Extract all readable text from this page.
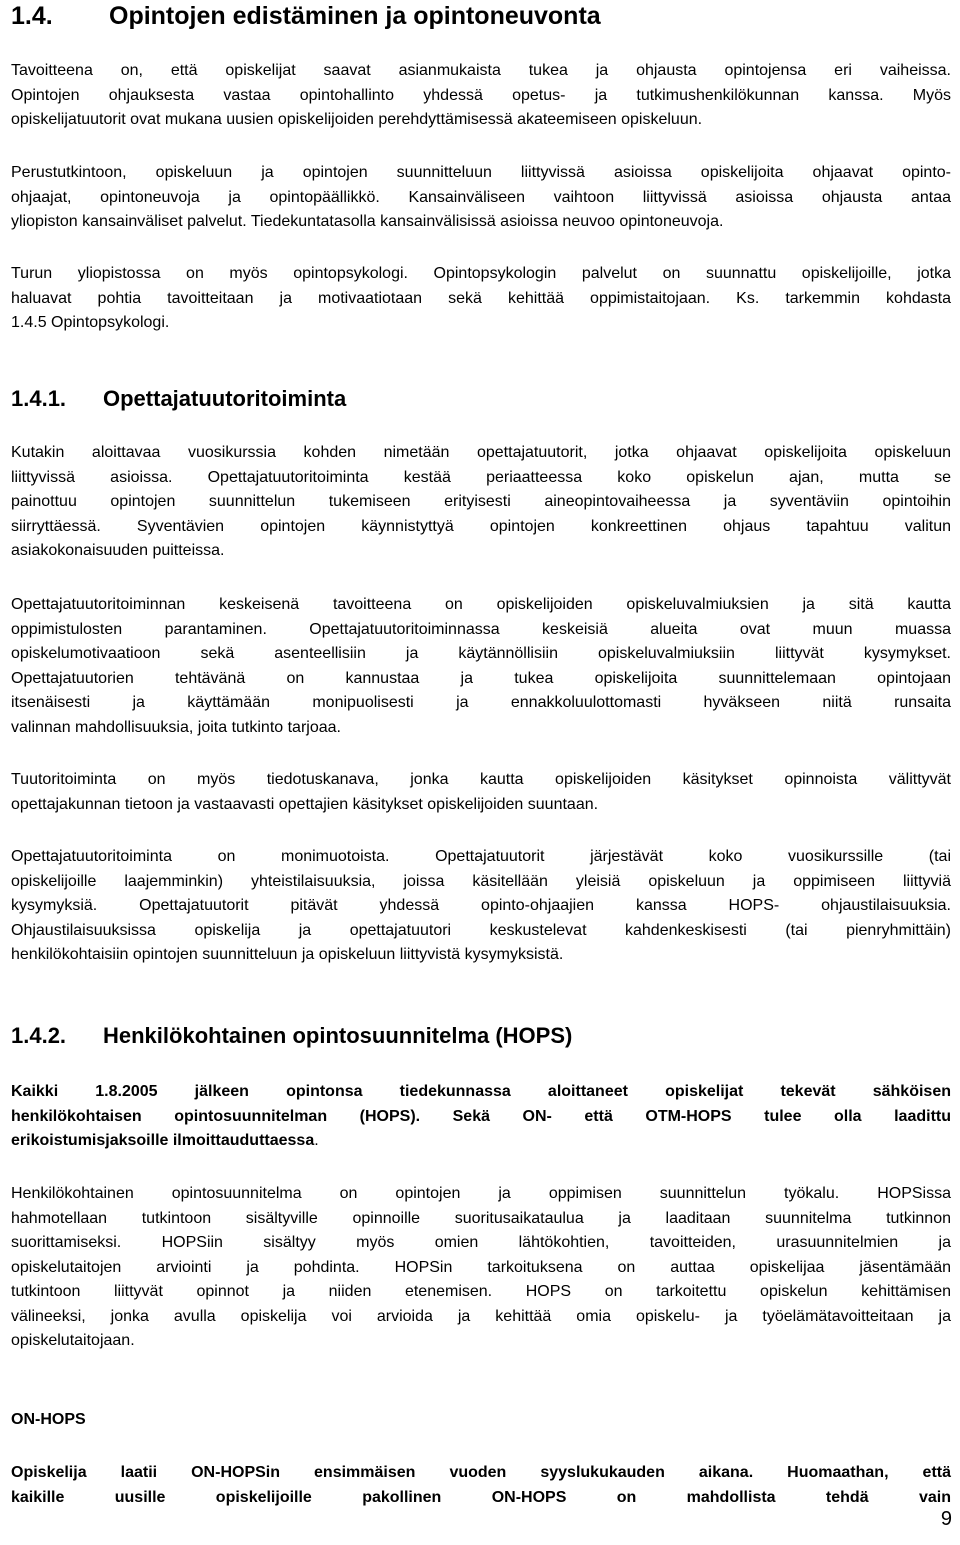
1.4. Opintojen edistäminen ja opintoneuvonta
Tavoitteena on, että opiskelijat saavat asianmukaista tukea ja ohjausta opintojensa eri vaiheissa.
Opintojen ohjauksesta vastaa opintohallinto yhdessä opetus- ja tutkimushenkilökunnan kanssa. Myös
opiskelijatuutorit ovat mukana uusien opiskelijoiden perehdyttämisessä akateemiseen opiskeluun.
Perustutkintoon, opiskeluun ja opintojen suunnitteluun liittyvissä asioissa opiskelijoita ohjaavat opinto-
ohjaajat, opintoneuvoja ja opintopäällikkö. Kansainväliseen vaihtoon liittyvissä asioissa ohjausta antaa
yliopiston kansainväliset palvelut. Tiedekuntatasolla kansainvälisissä asioissa neuvoo opintoneuvoja.
Turun yliopistossa on myös opintopsykologi. Opintopsykologin palvelut on suunnattu opiskelijoille, jotka
haluavat pohtia tavoitteitaan ja motivaatiotaan sekä kehittää oppimistaitojaan. Ks. tarkemmin kohdasta
1.4.5 Opintopsykologi.
1.4.1. Opettajatuutoritoiminta
Kutakin aloittavaa vuosikurssia kohden nimetään opettajatuutorit, jotka ohjaavat opiskelijoita opiskeluun
liittyvissä asioissa. Opettajatuutoritoiminta kestää periaatteessa koko opiskelun ajan, mutta se
painottuu opintojen suunnittelun tukemiseen erityisesti aineopintovaiheessa ja syventäviin opintoihin
siirryttäessä. Syventävien opintojen käynnistyttyä opintojen konkreettinen ohjaus tapahtuu valitun
asiakokonaisuuden puitteissa.
Opettajatuutoritoiminnan keskeisenä tavoitteena on opiskelijoiden opiskeluvalmiuksien ja sitä kautta
oppimistulosten parantaminen. Opettajatuutoritoiminnassa keskeisiä alueita ovat muun muassa
opiskelumotivaatioon sekä asenteellisiin ja käytännöllisiin opiskeluvalmiuksiin liittyvät kysymykset.
Opettajatuutorien tehtävänä on kannustaa ja tukea opiskelijoita suunnittelemaan opintojaan
itsenäisesti ja käyttämään monipuolisesti ja ennakkoluulottomasti hyväkseen niitä runsaita
valinnan mahdollisuuksia, joita tutkinto tarjoaa.
Tuutoritoiminta on myös tiedotuskanava, jonka kautta opiskelijoiden käsitykset opinnoista välittyvät
opettajakunnan tietoon ja vastaavasti opettajien käsitykset opiskelijoiden suuntaan.
Opettajatuutoritoiminta on monimuotoista. Opettajatuutorit järjestävät koko vuosikurssille (tai
opiskelijoille laajemminkin) yhteistilaisuuksia, joissa käsitellään yleisiä opiskeluun ja oppimiseen liittyviä
kysymyksiä. Opettajatuutorit pitävät yhdessä opinto-ohjaajien kanssa HOPS- ohjaustilaisuuksia.
Ohjaustilaisuuksissa opiskelija ja opettajatuutori keskustelevat kahdenkeskisesti (tai pienryhmittäin)
henkilökohtaisiin opintojen suunnitteluun ja opiskeluun liittyvistä kysymyksistä.
1.4.2. Henkilökohtainen opintosuunnitelma (HOPS)
Kaikki 1.8.2005 jälkeen opintonsa tiedekunnassa aloittaneet opiskelijat tekevät sähköisen
henkilökohtaisen opintosuunnitelman (HOPS). Sekä ON- että OTM-HOPS tulee olla laadittu
erikoistumisjaksoille ilmoittauduttaessa.
Henkilökohtainen opintosuunnitelma on opintojen ja oppimisen suunnittelun työkalu. HOPSissa
hahmotellaan tutkintoon sisältyville opinnoille suoritusaikataulua ja laaditaan suunnitelma tutkinnon
suorittamiseksi. HOPSiin sisältyy myös omien lähtökohtien, tavoitteiden, urasuunnitelmien ja
opiskelutaitojen arviointi ja pohdinta. HOPSin tarkoituksena on auttaa opiskelijaa jäsentämään
tutkintoon liittyvät opinnot ja niiden etenemisen. HOPS on tarkoitettu opiskelun kehittämisen
välineeksi, jonka avulla opiskelija voi arvioida ja kehittää omia opiskelu- ja työelämätavoitteitaan ja
opiskelutaitojaan.
ON-HOPS
Opiskelija laatii ON-HOPSin ensimmäisen vuoden syyslukukauden aikana. Huomaathan, että
kaikille uusille opiskelijoille pakollinen ON-HOPS on mahdollista tehdä vain
9
